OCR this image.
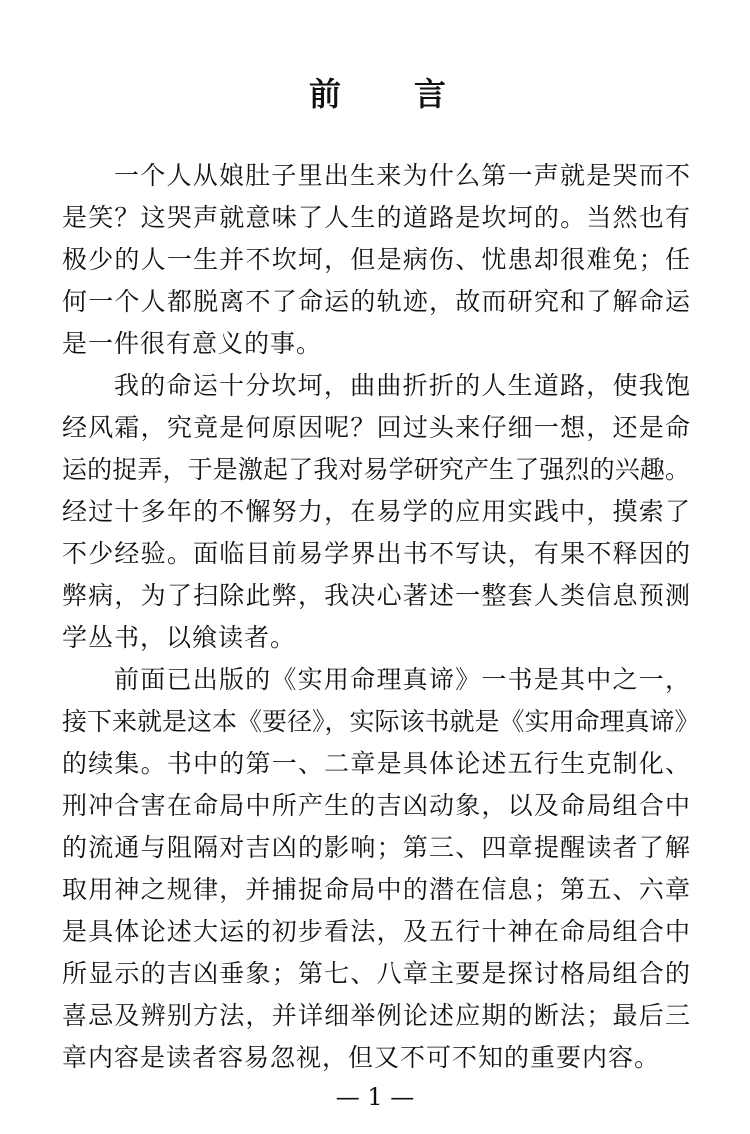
前 言
一个人从娘肚子里出生来为什么第一声就是哭而不
是笑？这哭声就意味了人生的道路是坎坷的。当然也有
极少的人一生并不坎坷，但是病伤、忧患却很难免；任
何一个人都脱离不了命运的轨迹，故而研究和了解命运
是一件很有意义的事。
我的命运十分坎坷，曲曲折折的人生道路，使我饱
经风霜，究竟是何原因呢？回过头来仔细一想，还是命
运的捉弄，于是激起了我对易学研究产生了强烈的兴趣。
经过十多年的不懈努力，在易学的应用实践中，摸索了
不少经验。面临目前易学界出书不写诀，有果不释因的
弊病，为了扫除此弊，我决心著述一整套人类信息预测
学丛书，以飨读者。
前面已出版的《实用命理真谛》一书是其中之一，
接下来就是这本《要径》，实际该书就是《实用命理真谛》
的续集。书中的第一、二章是具体论述五行生克制化、
刑冲合害在命局中所产生的吉凶动象，以及命局组合中
的流通与阻隔对吉凶的影响；第三、四章提醒读者了解
取用神之规律，并捕捉命局中的潜在信息；第五、六章
是具体论述大运的初步看法，及五行十神在命局组合中
所显示的吉凶垂象；第七、八章主要是探讨格局组合的
喜忌及辨别方法，并详细举例论述应期的断法；最后三
章内容是读者容易忽视，但又不可不知的重要内容。
— 1 —
